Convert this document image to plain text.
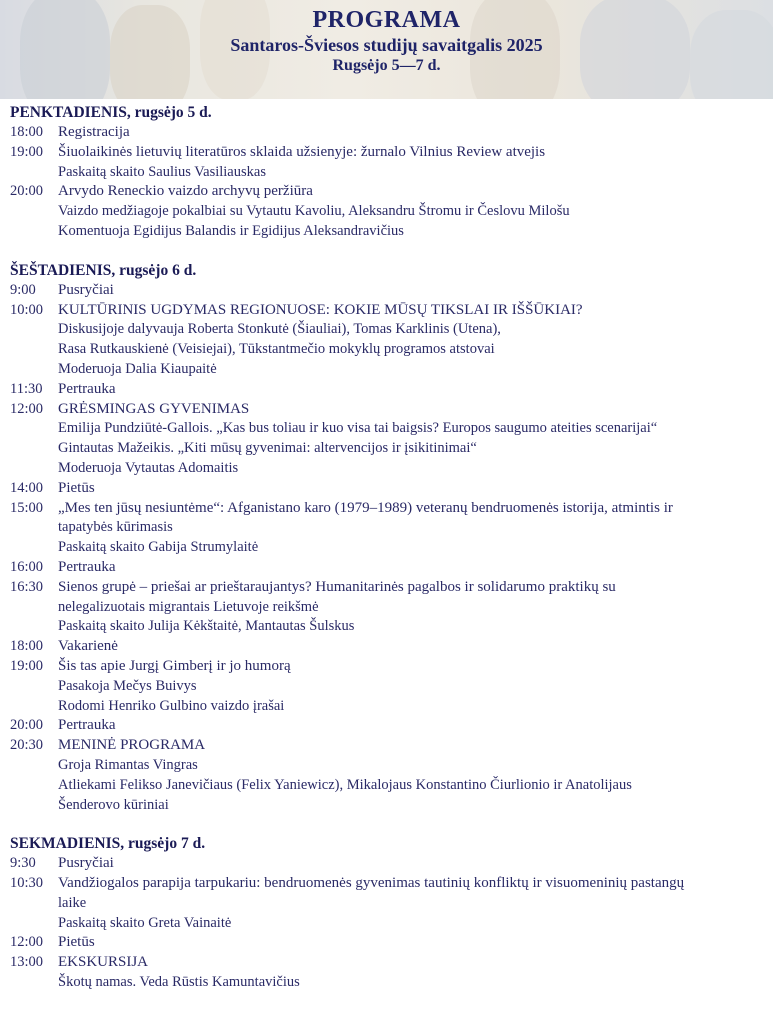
PROGRAMA
Santaros-Šviesos studijų savaitgalis 2025
Rugsėjo 5—7 d.
PENKTADIENIS, rugsėjo 5 d.
18:00 Registracija
19:00 Šiuolaikinės lietuvių literatūros sklaida užsienyje: žurnalo Vilnius Review atvejis
Paskaitą skaito Saulius Vasiliauskas
20:00 Arvydo Reneckio vaizdo archyvų peržiūra
Vaizdo medžiagoje pokalbiai su Vytautu Kavoliu, Aleksandru Štromu ir Česlovu Milošu
Komentuoja Egidijus Balandis ir Egidijus Aleksandravičius
ŠEŠTADIENIS, rugsėjo 6 d.
9:00	Pusryčiai
10:00 KULTŪRINIS UGDYMAS REGIONUOSE: KOKIE MŪSŲ TIKSLAI IR IŠŠŪKIAI?
Diskusijoje dalyvauja Roberta Stonkutė (Šiauliai), Tomas Karklinis (Utena),
Rasa Rutkauskienė (Veisiejai), Tūkstantmečio mokyklų programos atstovai
Moderuoja Dalia Kiaupaitė
11:30	Pertrauka
12:00 GRĖSMINGAS GYVENIMAS
Emilija Pundziūtė-Gallois. „Kas bus toliau ir kuo visa tai baigsis? Europos saugumo ateities scenarijai“
Gintautas Mažeikis. „Kiti mūsų gyvenimai: altervencijos ir įsikitinimai“
Moderuoja Vytautas Adomaitis
14:00 Pietūs
15:00 „Mes ten jūsų nesiuntėme“: Afganistano karo (1979–1989) veteranų bendruomenės istorija, atmintis ir
tapatybės kūrimasis
Paskaitą skaito Gabija Strumylaitė
16:00 Pertrauka
16:30 Sienos grupė – priešai ar prieštaraujantys? Humanitarinės pagalbos ir solidarumo praktikų su
nelegalizuotais migrantais Lietuvoje reikšmė
Paskaitą skaito Julija Kėkštaitė, Mantautas Šulskus
18:00 Vakarienė
19:00 Šis tas apie Jurgį Gimberį ir jo humorą
Pasakoja Mečys Buivys
Rodomi Henriko Gulbino vaizdo įrašai
20:00 Pertrauka
20:30 MENINĖ PROGRAMA
Groja Rimantas Vingras
Atliekami Felikso Janevičiaus (Felix Yaniewicz), Mikalojaus Konstantino Čiurlionio ir Anatolijaus
Šenderovo kūriniai
SEKMADIENIS, rugsėjo 7 d.
9:30	Pusryčiai
10:30 Vandžiogalos parapija tarpukariu: bendruomenės gyvenimas tautinių konfliktų ir visuomeninių pastangų
laike
Paskaitą skaito Greta Vainaitė
12:00 Pietūs
13:00 EKSKURSIJA
Škotų namas. Veda Rūstis Kamuntavičius
